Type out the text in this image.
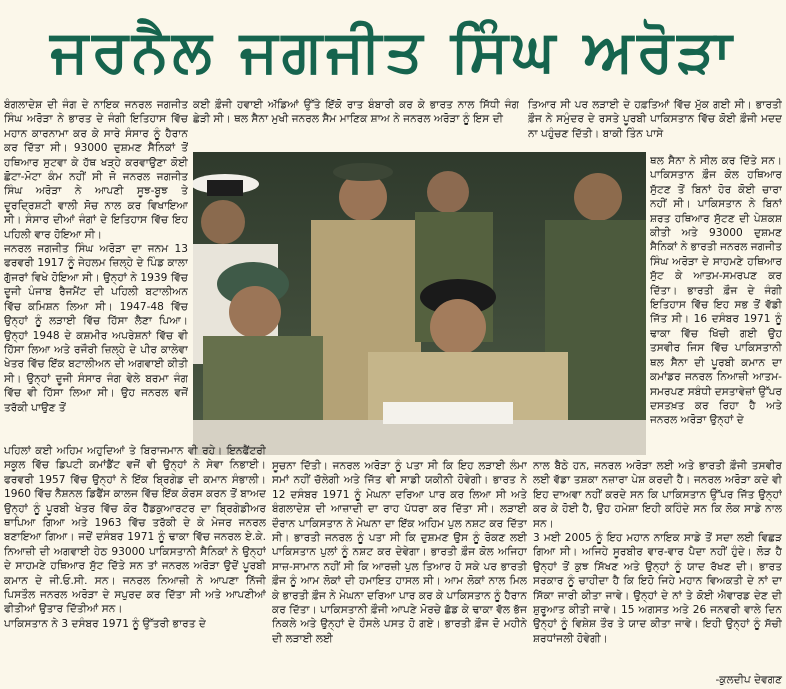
ਜਰਨੈਲ ਜਗਜੀਤ ਸਿੰਘ ਅਰੋੜਾ
ਬੰਗਲਾਦੇਸ਼ ਦੀ ਜੰਗ ਦੇ ਨਾਇਕ ਜਨਰਲ ਜਗਜੀਤ ਸਿੰਘ ਅਰੋੜਾ ਨੇ ਭਾਰਤ ਦੇ ਜੰਗੀ ਇਤਿਹਾਸ ਵਿੱਚ ਮਹਾਨ ਕਾਰਨਾਮਾ ਕਰ ਕੇ ਸਾਰੇ ਸੰਸਾਰ ਨੂੰ ਹੈਰਾਨ ਕਰ ਦਿੱਤਾ ਸੀ। 93000 ਦੁਸ਼ਮਣ ਸੈਨਿਕਾਂ ਤੋਂ ਹਥਿਆਰ ਸੁਟਵਾ ਕੇ ਹੱਥ ਖੜ੍ਹੇ ਕਰਵਾਉਣਾ ਕੋਈ ਛੋਟਾ-ਮੋਟਾ ਕੰਮ ਨਹੀਂ ਸੀ ਜੋ ਜਨਰਲ ਜਗਜੀਤ ਸਿੰਘ ਅਰੋੜਾ ਨੇ ਆਪਣੀ ਸੂਝ-ਬੂਝ ਤੇ ਦੂਰਦ੍ਰਿਸ਼ਟੀ ਵਾਲੀ ਸੋਚ ਨਾਲ ਕਰ ਵਿਖਾਇਆ ਸੀ। ਸੰਸਾਰ ਦੀਆਂ ਜੰਗਾਂ ਦੇ ਇਤਿਹਾਸ ਵਿੱਚ ਇਹ ਪਹਿਲੀ ਵਾਰ ਹੋਇਆ ਸੀ।
ਜਨਰਲ ਜਗਜੀਤ ਸਿੰਘ ਅਰੋੜਾ ਦਾ ਜਨਮ 13 ਫਰਵਰੀ 1917 ਨੂੰ ਜੇਹਲਮ ਜ਼ਿਲ੍ਹੇ ਦੇ ਪਿੰਡ ਕਾਲਾ ਗੁੱਜਰਾਂ ਵਿਖੇ ਹੋਇਆ ਸੀ। ਉਨ੍ਹਾਂ ਨੇ 1939 ਵਿੱਚ ਦੂਜੀ ਪੰਜਾਬ ਰੈਜਮੈਂਟ ਦੀ ਪਹਿਲੀ ਬਟਾਲੀਅਨ ਵਿੱਚ ਕਮਿਸ਼ਨ ਲਿਆ ਸੀ। 1947-48 ਵਿੱਚ ਉਨ੍ਹਾਂ ਨੂੰ ਲੜਾਈ ਵਿੱਚ ਹਿੱਸਾ ਲੈਣਾ ਪਿਆ। ਉਨ੍ਹਾਂ 1948 ਦੇ ਕਸ਼ਮੀਰ ਅਪਰੇਸ਼ਨਾਂ ਵਿੱਚ ਵੀ ਹਿੱਸਾ ਲਿਆ ਅਤੇ ਰਜੌਰੀ ਜ਼ਿਲ੍ਹੇ ਦੇ ਪੀਰ ਕਾਲੇਵਾ ਖੇਤਰ ਵਿੱਚ ਇੱਕ ਬਟਾਲੀਅਨ ਦੀ ਅਗਵਾਈ ਕੀਤੀ ਸੀ। ਉਨ੍ਹਾਂ ਦੂਜੀ ਸੰਸਾਰ ਜੰਗ ਵੇਲੇ ਬਰਮਾ ਜੰਗ ਵਿੱਚ ਵੀ ਹਿੱਸਾ ਲਿਆ ਸੀ। ਉਹ ਜਨਰਲ ਵਜੋਂ ਤਰੱਕੀ ਪਾਉਣ ਤੋਂ
ਕਈ ਫ਼ੌਜੀ ਹਵਾਈ ਅੱਡਿਆਂ ਉੱਤੇ ਇੱਕੋ ਰਾਤ ਬੰਬਾਰੀ ਕਰ ਕੇ ਭਾਰਤ ਨਾਲ ਸਿੱਧੀ ਜੰਗ ਛੇੜੀ ਸੀ। ਥਲ ਸੈਨਾ ਮੁਖੀ ਜਨਰਲ ਸੈਮ ਮਾਣਿਕ ਸ਼ਾਅ ਨੇ ਜਨਰਲ ਅਰੋੜਾ ਨੂੰ ਇਸ ਦੀ
ਤਿਆਰ ਸੀ ਪਰ ਲੜਾਈ ਦੇ ਹਫ਼ਤਿਆਂ ਵਿੱਚ ਮੁੱਕ ਗਈ ਸੀ। ਭਾਰਤੀ ਫ਼ੌਜ ਨੇ ਸਮੁੰਦਰ ਦੇ ਰਸਤੇ ਪੂਰਬੀ ਪਾਕਿਸਤਾਨ ਵਿੱਚ ਕੋਈ ਫ਼ੌਜੀ ਮਦਦ ਨਾ ਪਹੁੰਚਣ ਦਿੱਤੀ। ਬਾਕੀ ਤਿੰਨ ਪਾਸੇ
ਥਲ ਸੈਨਾ ਨੇ ਸੀਲ ਕਰ ਦਿੱਤੇ ਸਨ। ਪਾਕਿਸਤਾਨ ਫ਼ੌਜ ਕੋਲ ਹਥਿਆਰ ਸੁੱਟਣ ਤੋਂ ਬਿਨਾਂ ਹੋਰ ਕੋਈ ਚਾਰਾ ਨਹੀਂ ਸੀ। ਪਾਕਿਸਤਾਨ ਨੇ ਬਿਨਾਂ ਸ਼ਰਤ ਹਥਿਆਰ ਸੁੱਟਣ ਦੀ ਪੇਸ਼ਕਸ਼ ਕੀਤੀ ਅਤੇ 93000 ਦੁਸ਼ਮਣ ਸੈਨਿਕਾਂ ਨੇ ਭਾਰਤੀ ਜਨਰਲ ਜਗਜੀਤ ਸਿੰਘ ਅਰੋੜਾ ਦੇ ਸਾਹਮਣੇ ਹਥਿਆਰ ਸੁੱਟ ਕੇ ਆਤਮ-ਸਮਰਪਣ ਕਰ ਦਿੱਤਾ। ਭਾਰਤੀ ਫ਼ੌਜ ਦੇ ਜੰਗੀ ਇਤਿਹਾਸ ਵਿੱਚ ਇਹ ਸਭ ਤੋਂ ਵੱਡੀ ਜਿੱਤ ਸੀ। 16 ਦਸੰਬਰ 1971 ਨੂੰ ਢਾਕਾ ਵਿੱਚ ਖਿੱਚੀ ਗਈ ਉਹ ਤਸਵੀਰ ਜਿਸ ਵਿੱਚ ਪਾਕਿਸਤਾਨੀ ਥਲ ਸੈਨਾ ਦੀ ਪੂਰਬੀ ਕਮਾਨ ਦਾ ਕਮਾਂਡਰ ਜਨਰਲ ਨਿਆਜ਼ੀ ਆਤਮ-ਸਮਰਪਣ ਸਬੰਧੀ ਦਸਤਾਵੇਜ਼ਾਂ ਉੱਪਰ ਦਸਤਖ਼ਤ ਕਰ ਰਿਹਾ ਹੈ ਅਤੇ ਜਨਰਲ ਅਰੋੜਾ ਉਨ੍ਹਾਂ ਦੇ
ਪਹਿਲਾਂ ਕਈ ਅਹਿਮ ਅਹੁਦਿਆਂ ਤੇ ਬਿਰਾਜਮਾਨ ਵੀ ਰਹੇ। ਇਨਫੈਂਟਰੀ ਸਕੂਲ ਵਿੱਚ ਡਿਪਟੀ ਕਮਾਂਡੈਂਟ ਵਜੋਂ ਵੀ ਉਨ੍ਹਾਂ ਨੇ ਸੇਵਾ ਨਿਭਾਈ। ਫਰਵਰੀ 1957 ਵਿੱਚ ਉਨ੍ਹਾਂ ਨੇ ਇੱਕ ਬ੍ਰਿਗੇਡ ਦੀ ਕਮਾਨ ਸੰਭਾਲੀ। 1960 ਵਿੱਚ ਨੈਸ਼ਨਲ ਡਿਫੈਂਸ ਕਾਲਜ ਵਿੱਚ ਇੱਕ ਕੋਰਸ ਕਰਨ ਤੋਂ ਬਾਅਦ ਉਨ੍ਹਾਂ ਨੂੰ ਪੂਰਬੀ ਖੇਤਰ ਵਿੱਚ ਕੋਰ ਹੈੱਡਕੁਆਰਟਰ ਦਾ ਬ੍ਰਿਗੇਡੀਅਰ ਥਾਪਿਆ ਗਿਆ ਅਤੇ 1963 ਵਿੱਚ ਤਰੱਕੀ ਦੇ ਕੇ ਮੇਜਰ ਜਨਰਲ ਬਣਾਇਆ ਗਿਆ। ਜਦੋਂ ਦਸੰਬਰ 1971 ਨੂੰ ਢਾਕਾ ਵਿੱਚ ਜਨਰਲ ਏ.ਕੇ. ਨਿਆਜ਼ੀ ਦੀ ਅਗਵਾਈ ਹੇਠ 93000 ਪਾਕਿਸਤਾਨੀ ਸੈਨਿਕਾਂ ਨੇ ਉਨ੍ਹਾਂ ਦੇ ਸਾਹਮਣੇ ਹਥਿਆਰ ਸੁੱਟ ਦਿੱਤੇ ਸਨ ਤਾਂ ਜਨਰਲ ਅਰੋੜਾ ਉਦੋਂ ਪੂਰਬੀ ਕਮਾਨ ਦੇ ਜੀ.ਓ.ਸੀ. ਸਨ। ਜਨਰਲ ਨਿਆਜ਼ੀ ਨੇ ਆਪਣਾ ਨਿੱਜੀ ਪਿਸਤੌਲ ਜਨਰਲ ਅਰੋੜਾ ਦੇ ਸਪੁਰਦ ਕਰ ਦਿੱਤਾ ਸੀ ਅਤੇ ਆਪਣੀਆਂ ਫੀਤੀਆਂ ਉਤਾਰ ਦਿੱਤੀਆਂ ਸਨ।
ਪਾਕਿਸਤਾਨ ਨੇ 3 ਦਸੰਬਰ 1971 ਨੂੰ ਉੱਤਰੀ ਭਾਰਤ ਦੇ
ਸੂਚਨਾ ਦਿੱਤੀ। ਜਨਰਲ ਅਰੋੜਾ ਨੂੰ ਪਤਾ ਸੀ ਕਿ ਇਹ ਲੜਾਈ ਲੰਮਾ ਸਮਾਂ ਨਹੀਂ ਚੱਲੇਗੀ ਅਤੇ ਜਿੱਤ ਵੀ ਸਾਡੀ ਯਕੀਨੀ ਹੋਵੇਗੀ। ਭਾਰਤ ਨੇ 12 ਦਸੰਬਰ 1971 ਨੂੰ ਮੇਘਨਾ ਦਰਿਆ ਪਾਰ ਕਰ ਲਿਆ ਸੀ ਅਤੇ ਬੰਗਲਾਦੇਸ਼ ਦੀ ਆਜ਼ਾਦੀ ਦਾ ਰਾਹ ਪੱਧਰਾ ਕਰ ਦਿੱਤਾ ਸੀ। ਲੜਾਈ ਦੌਰਾਨ ਪਾਕਿਸਤਾਨ ਨੇ ਮੇਘਨਾ ਦਾ ਇੱਕ ਅਹਿਮ ਪੁਲ ਨਸ਼ਟ ਕਰ ਦਿੱਤਾ ਸੀ। ਭਾਰਤੀ ਜਨਰਲ ਨੂੰ ਪਤਾ ਸੀ ਕਿ ਦੁਸ਼ਮਣ ਉਸ ਨੂੰ ਰੋਕਣ ਲਈ ਪਾਕਿਸਤਾਨ ਪੁਲਾਂ ਨੂੰ ਨਸ਼ਟ ਕਰ ਦੇਵੇਗਾ। ਭਾਰਤੀ ਫ਼ੌਜ ਕੋਲ ਅਜਿਹਾ ਸਾਜ਼-ਸਾਮਾਨ ਨਹੀਂ ਸੀ ਕਿ ਆਰਜ਼ੀ ਪੁਲ ਤਿਆਰ ਹੋ ਸਕੇ ਪਰ ਭਾਰਤੀ ਫ਼ੌਜ ਨੂੰ ਆਮ ਲੋਕਾਂ ਦੀ ਹਮਾਇਤ ਹਾਸਲ ਸੀ। ਆਮ ਲੋਕਾਂ ਨਾਲ ਮਿਲ ਕੇ ਭਾਰਤੀ ਫ਼ੌਜ ਨੇ ਮੇਘਨਾ ਦਰਿਆ ਪਾਰ ਕਰ ਕੇ ਪਾਕਿਸਤਾਨ ਨੂੰ ਹੈਰਾਨ ਕਰ ਦਿੱਤਾ। ਪਾਕਿਸਤਾਨੀ ਫ਼ੌਜੀ ਆਪਣੇ ਮੋਰਚੇ ਛੱਡ ਕੇ ਢਾਕਾ ਵੱਲ ਭੱਜ ਨਿਕਲੇ ਅਤੇ ਉਨ੍ਹਾਂ ਦੇ ਹੌਸਲੇ ਪਸਤ ਹੋ ਗਏ। ਭਾਰਤੀ ਫ਼ੌਜ ਦੋ ਮਹੀਨੇ ਦੀ ਲੜਾਈ ਲਈ
ਨਾਲ ਬੈਠੇ ਹਨ, ਜਨਰਲ ਅਰੋੜਾ ਲਈ ਅਤੇ ਭਾਰਤੀ ਫ਼ੌਜੀ ਤਸਵੀਰ ਲਈ ਵੱਡਾ ਤਸ਼ਕਾ ਨਜ਼ਾਰਾ ਪੇਸ਼ ਕਰਦੀ ਹੈ। ਜਨਰਲ ਅਰੋੜਾ ਕਦੇ ਵੀ ਇਹ ਦਾਅਵਾ ਨਹੀਂ ਕਰਦੇ ਸਨ ਕਿ ਪਾਕਿਸਤਾਨ ਉੱਪਰ ਜਿੱਤ ਉਨ੍ਹਾਂ ਕਰ ਕੇ ਹੋਈ ਹੈ, ਉਹ ਹਮੇਸ਼ਾ ਇਹੀ ਕਹਿੰਦੇ ਸਨ ਕਿ ਲੋਕ ਸਾਡੇ ਨਾਲ ਸਨ।
3 ਮਈ 2005 ਨੂੰ ਇਹ ਮਹਾਨ ਨਾਇਕ ਸਾਡੇ ਤੋਂ ਸਦਾ ਲਈ ਵਿਛੜ ਗਿਆ ਸੀ। ਅਜਿਹੇ ਸੂਰਬੀਰ ਵਾਰ-ਵਾਰ ਪੈਦਾ ਨਹੀਂ ਹੁੰਦੇ। ਲੋੜ ਹੈ ਉਨ੍ਹਾਂ ਤੋਂ ਕੁਝ ਸਿੱਖਣ ਅਤੇ ਉਨ੍ਹਾਂ ਨੂੰ ਯਾਦ ਰੱਖਣ ਦੀ। ਭਾਰਤ ਸਰਕਾਰ ਨੂੰ ਚਾਹੀਦਾ ਹੈ ਕਿ ਇਹੋ ਜਿਹੇ ਮਹਾਨ ਵਿਅਕਤੀ ਦੇ ਨਾਂ ਦਾ ਸਿੱਕਾ ਜਾਰੀ ਕੀਤਾ ਜਾਵੇ। ਉਨ੍ਹਾਂ ਦੇ ਨਾਂ ਤੇ ਕੋਈ ਐਵਾਰਡ ਦੇਣ ਦੀ ਸ਼ੁਰੂਆਤ ਕੀਤੀ ਜਾਵੇ। 15 ਅਗਸਤ ਅਤੇ 26 ਜਨਵਰੀ ਵਾਲੇ ਦਿਨ ਉਨ੍ਹਾਂ ਨੂੰ ਵਿਸ਼ੇਸ਼ ਤੌਰ ਤੇ ਯਾਦ ਕੀਤਾ ਜਾਵੇ। ਇਹੀ ਉਨ੍ਹਾਂ ਨੂੰ ਸੱਚੀ ਸ਼ਰਧਾਂਜਲੀ ਹੋਵੇਗੀ।
-ਕੁਲਦੀਪ ਦੇਵਗਣ
